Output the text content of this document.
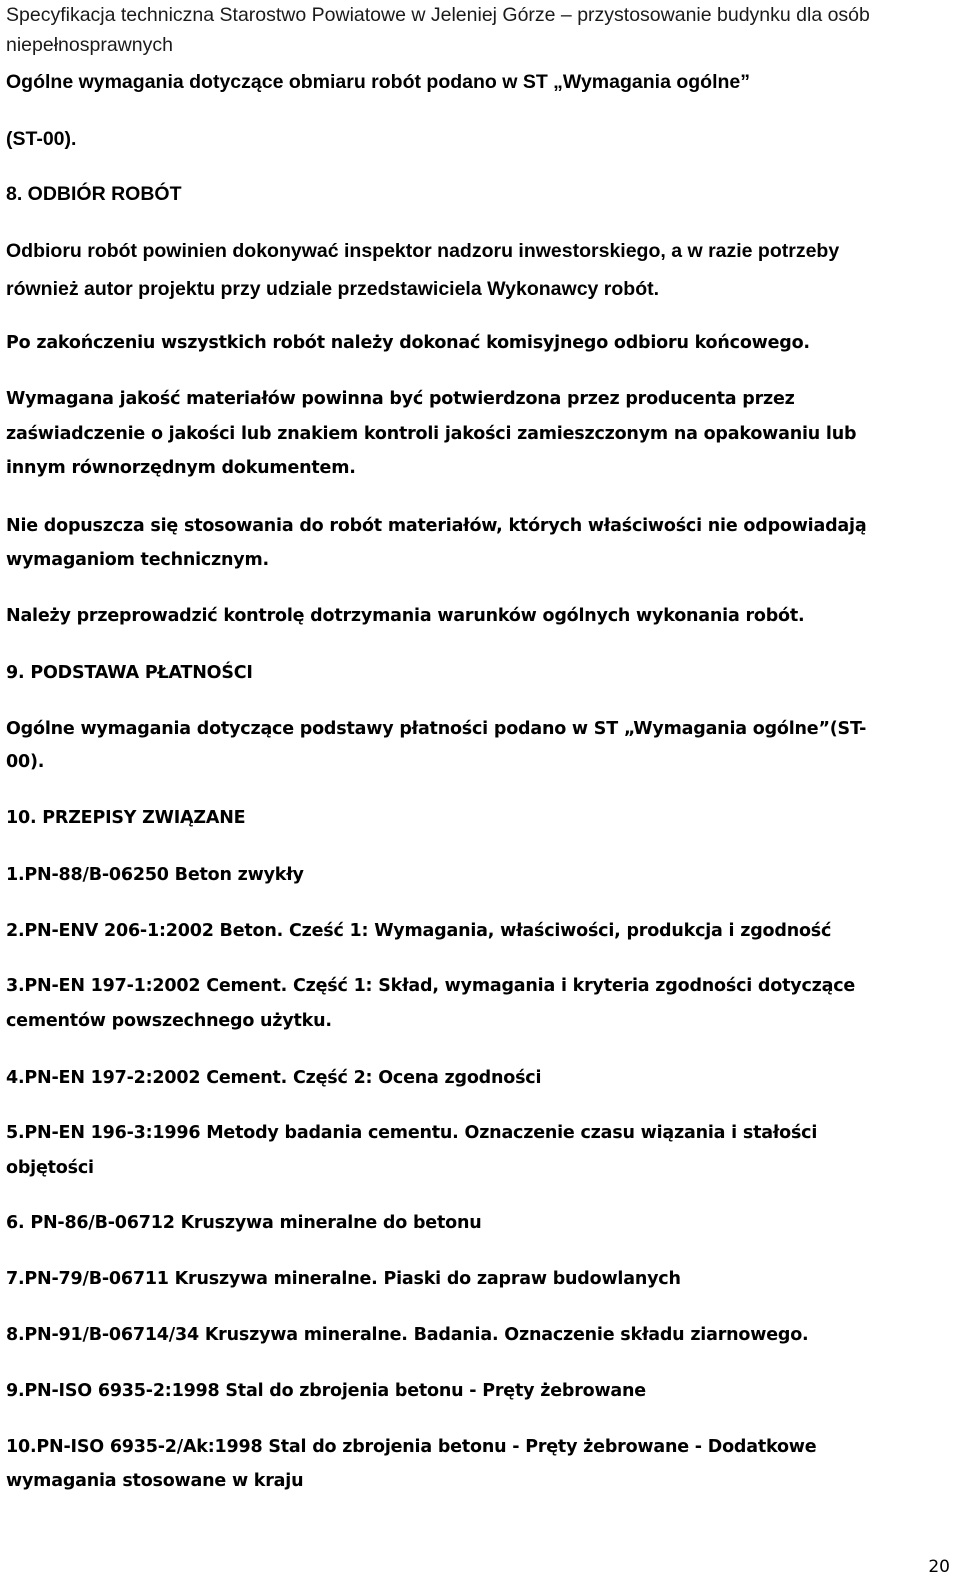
Specyfikacja techniczna Starostwo Powiatowe w Jeleniej Górze – przystosowanie budynku dla osób
niepełnosprawnych
Ogólne wymagania dotyczące obmiaru robót podano w ST „Wymagania ogólne”
(ST-00).
8. ODBIÓR ROBÓT
Odbioru robót powinien dokonywać inspektor nadzoru inwestorskiego, a w razie potrzeby
również autor projektu przy udziale przedstawiciela Wykonawcy robót.
Po zakończeniu wszystkich robót należy dokonać komisyjnego odbioru końcowego.
Wymagana jakość materiałów powinna być potwierdzona przez producenta przez
zaświadczenie o jakości lub znakiem kontroli jakości zamieszczonym na opakowaniu lub
innym równorzędnym dokumentem.
Nie dopuszcza się stosowania do robót materiałów, których właściwości nie odpowiadają
wymaganiom technicznym.
Należy przeprowadzić kontrolę dotrzymania warunków ogólnych wykonania robót.
9. PODSTAWA PŁATNOŚCI
Ogólne wymagania dotyczące podstawy płatności podano w ST „Wymagania ogólne”(ST-
00).
10. PRZEPISY ZWIĄZANE
1.PN-88/B-06250 Beton zwykły
2.PN-ENV 206-1:2002 Beton. Cześć 1: Wymagania, właściwości, produkcja i zgodność
3.PN-EN 197-1:2002 Cement. Część 1: Skład, wymagania i kryteria zgodności dotyczące
cementów powszechnego użytku.
4.PN-EN 197-2:2002 Cement. Część 2: Ocena zgodności
5.PN-EN 196-3:1996 Metody badania cementu. Oznaczenie czasu wiązania i stałości
objętości
6. PN-86/B-06712 Kruszywa mineralne do betonu
7.PN-79/B-06711 Kruszywa mineralne. Piaski do zapraw budowlanych
8.PN-91/B-06714/34 Kruszywa mineralne. Badania. Oznaczenie składu ziarnowego.
9.PN-ISO 6935-2:1998 Stal do zbrojenia betonu - Pręty żebrowane
10.PN-ISO 6935-2/Ak:1998 Stal do zbrojenia betonu - Pręty żebrowane - Dodatkowe
wymagania stosowane w kraju
20
